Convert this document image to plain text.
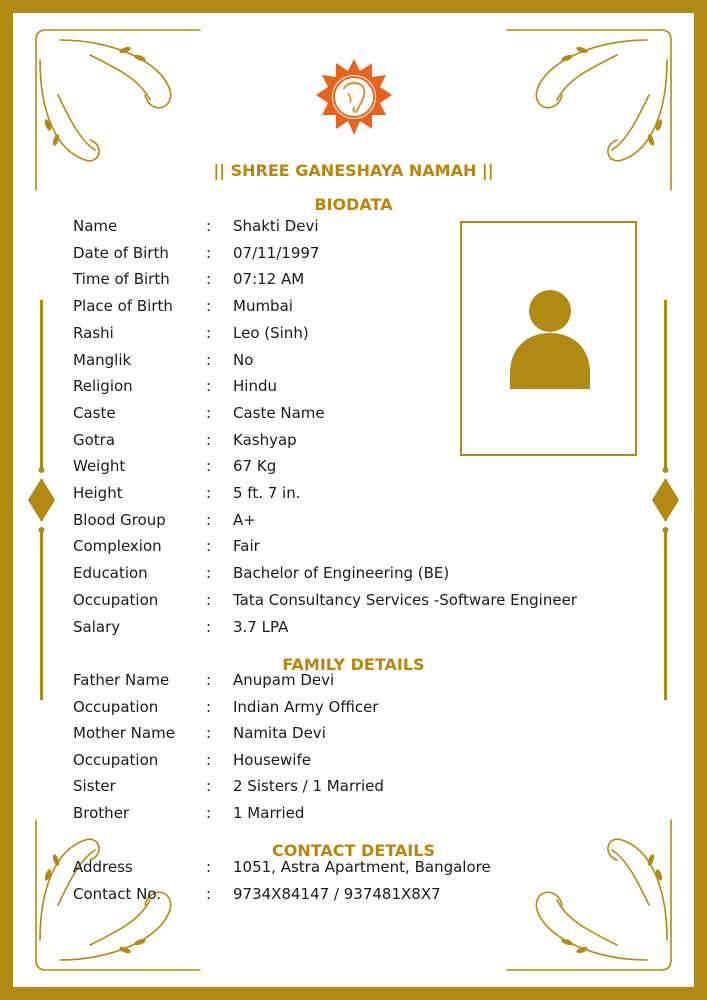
|| SHREE GANESHAYA NAMAH ||
BIODATA
Name	: Shakti Devi
Date of Birth	: 07/11/1997
Time of Birth	: 07:12 AM
Place of Birth	: Mumbai
Rashi	: Leo (Sinh)
Manglik	: No
Religion	: Hindu
Caste	: Caste Name
Gotra	: Kashyap
Weight	: 67 Kg
Height	: 5 ft. 7 in.
Blood Group	: A+
Complexion	: Fair
Education	: Bachelor of Engineering (BE)
Occupation	: Tata Consultancy Services -Software Engineer
Salary	: 3.7 LPA
FAMILY DETAILS
Father Name	: Anupam Devi
Occupation	: Indian Army Officer
Mother Name	: Namita Devi
Occupation	: Housewife
Sister	: 2 Sisters / 1 Married
Brother	: 1 Married
CONTACT DETAILS
Address	: 1051, Astra Apartment, Bangalore
Contact No.	: 9734X84147 / 937481X8X7
